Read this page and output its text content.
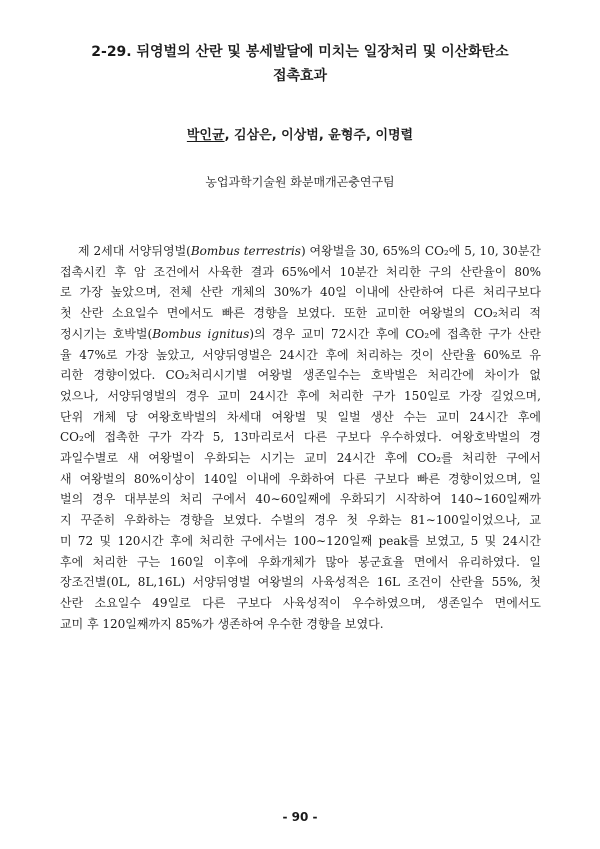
2-29. 뒤영벌의 산란 및 봉세발달에 미치는 일장처리 및 이산화탄소
접촉효과
박인균, 김삼은, 이상범, 윤형주, 이명렬
농업과학기술원 화분매개곤충연구팀
제 2세대 서양뒤영벌(Bombus terrestris) 여왕벌을 30, 65%의 CO₂에 5, 10, 30분간
접촉시킨 후 암 조건에서 사육한 결과 65%에서 10분간 처리한 구의 산란율이 80%
로 가장 높았으며, 전체 산란 개체의 30%가 40일 이내에 산란하여 다른 처리구보다
첫 산란 소요일수 면에서도 빠른 경향을 보였다. 또한 교미한 여왕벌의 CO₂처리 적
정시기는 호박벌(Bombus ignitus)의 경우 교미 72시간 후에 CO₂에 접촉한 구가 산란
율 47%로 가장 높았고, 서양뒤영벌은 24시간 후에 처리하는 것이 산란율 60%로 유
리한 경향이었다. CO₂처리시기별 여왕벌 생존일수는 호박벌은 처리간에 차이가 없
었으나, 서양뒤영벌의 경우 교미 24시간 후에 처리한 구가 150일로 가장 길었으며,
단위 개체 당 여왕호박벌의 차세대 여왕벌 및 일벌 생산 수는 교미 24시간 후에
CO₂에 접촉한 구가 각각 5, 13마리로서 다른 구보다 우수하였다. 여왕호박벌의 경
과일수별로 새 여왕벌이 우화되는 시기는 교미 24시간 후에 CO₂를 처리한 구에서
새 여왕벌의 80%이상이 140일 이내에 우화하여 다른 구보다 빠른 경향이었으며, 일
벌의 경우 대부분의 처리 구에서 40∼60일째에 우화되기 시작하여 140∼160일째까
지 꾸준히 우화하는 경향을 보였다. 수벌의 경우 첫 우화는 81∼100일이었으나, 교
미 72 및 120시간 후에 처리한 구에서는 100∼120일째 peak를 보였고, 5 및 24시간
후에 처리한 구는 160일 이후에 우화개체가 많아 봉군효율 면에서 유리하였다. 일
장조건별(0L, 8L,16L) 서양뒤영벌 여왕벌의 사육성적은 16L 조건이 산란율 55%, 첫
산란 소요일수 49일로 다른 구보다 사육성적이 우수하였으며, 생존일수 면에서도
교미 후 120일째까지 85%가 생존하여 우수한 경향을 보였다.
- 90 -
